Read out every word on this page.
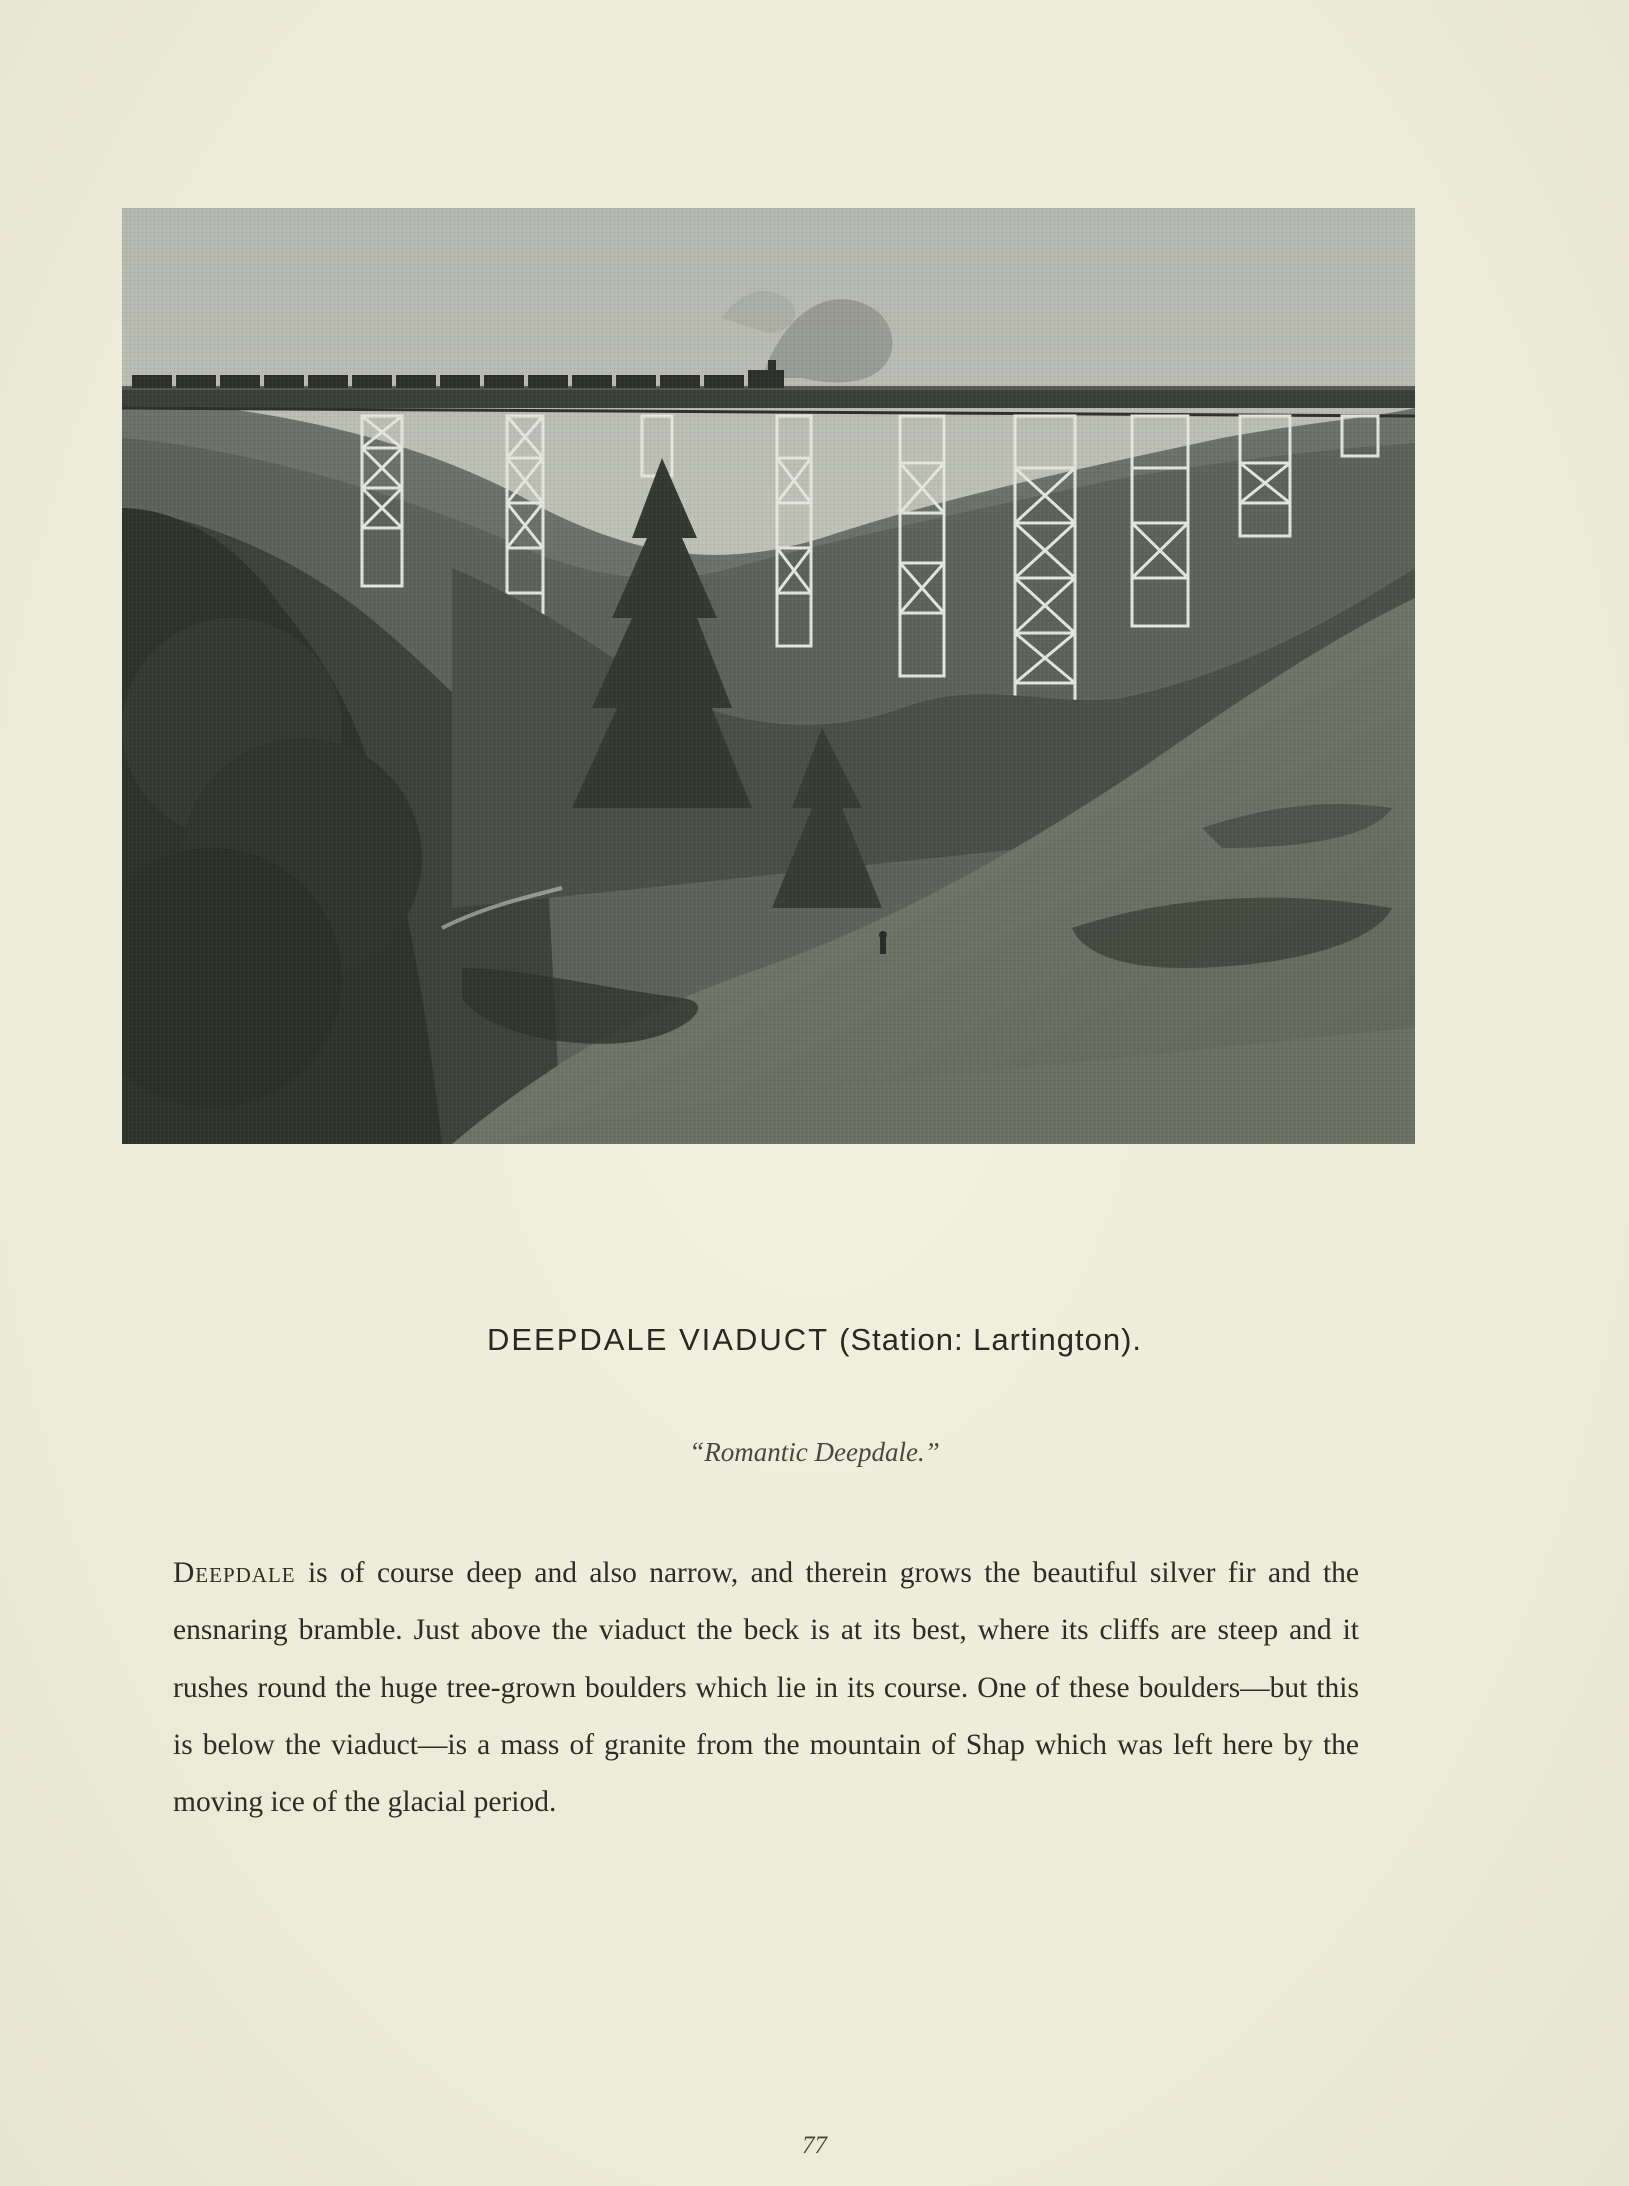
DEEPDALE VIADUCT (Station: Lartington).
“Romantic Deepdale.”
Deepdale is of course deep and also narrow, and therein grows the beautiful silver fir and the ensnaring bramble. Just above the viaduct the beck is at its best, where its cliffs are steep and it rushes round the huge tree-grown boulders which lie in its course. One of these boulders—but this is below the viaduct—is a mass of granite from the mountain of Shap which was left here by the moving ice of the glacial period.
77
